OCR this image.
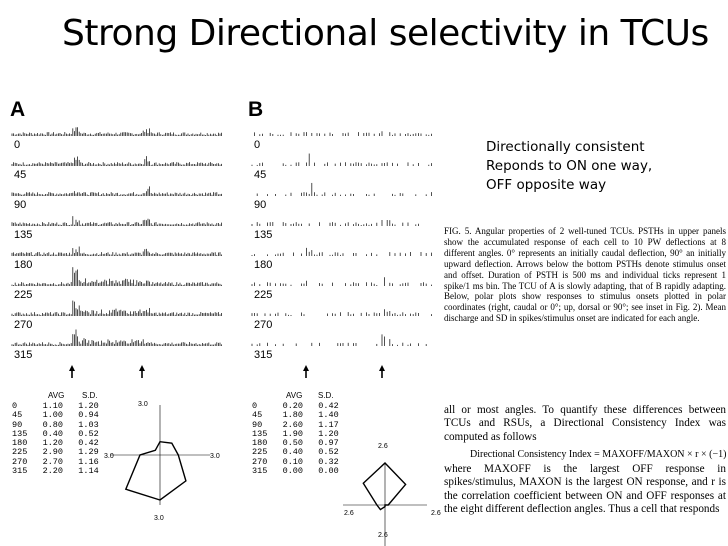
Strong Directional selectivity in TCUs
A
0
45
90
135
180
225
270
315
AVG S.D.
0     1.10   1.20
45    1.00   0.94
90    0.80   1.03
135   0.40   0.52
180   1.20   0.42
225   2.90   1.29
270   2.70   1.16
315   2.20   1.14
3.0
3.0	3.0
3.0
B
0
45
90
135
180
225
270
315
AVG S.D.
0     0.20   0.42
45    1.80   1.40
90    2.60   1.17
135   1.90   1.20
180   0.50   0.97
225   0.40   0.52
270   0.10   0.32
315   0.00   0.00
2.6
2.6	2.6
2.6
Directionally consistent
Reponds to ON one way,
OFF opposite way
FIG. 5. Angular properties of 2 well-tuned TCUs. PSTHs in upper panels show the accumulated response of each cell to 10 PW deflections at 8 different angles. 0° represents an initially caudal deflection, 90° an initially upward deflection. Arrows below the bottom PSTHs denote stimulus onset and offset. Duration of PSTH is 500 ms and individual ticks represent 1 spike/1 ms bin. The TCU of A is slowly adapting, that of B rapidly adapting. Below, polar plots show responses to stimulus onsets plotted in polar coordinates (right, caudal or 0°; up, dorsal or 90°; see inset in Fig. 2). Mean discharge and SD in spikes/stimulus onset are indicated for each angle.
all or most angles. To quantify these differences between TCUs and RSUs, a Directional Consistency Index was computed as follows
Directional Consistency Index = MAXOFF/MAXON × r × (−1)
where MAXOFF is the largest OFF response in spikes/stimulus, MAXON is the largest ON response, and r is the correlation coefficient between ON and OFF responses at the eight different deflection angles. Thus a cell that responds
